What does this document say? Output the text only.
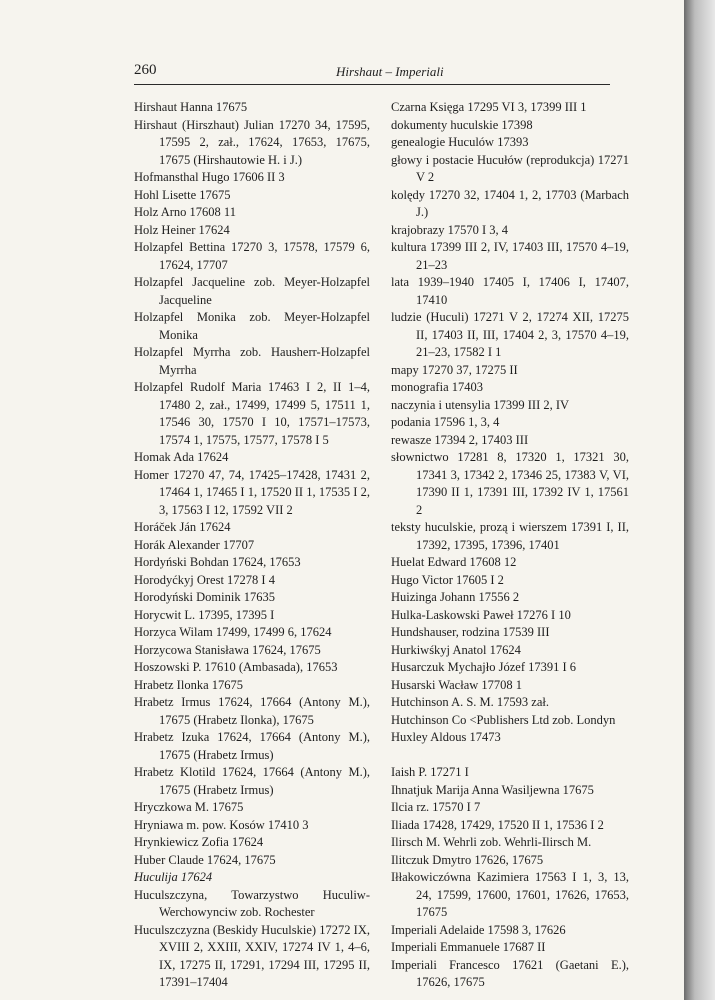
260	Hirshaut – Imperiali
Hirshaut Hanna 17675
Hirshaut (Hirszhaut) Julian 17270 34, 17595, 17595 2, zał., 17624, 17653, 17675, 17675 (Hirshautowie H. i J.)
Hofmansthal Hugo 17606 II 3
Hohl Lisette 17675
Holz Arno 17608 11
Holz Heiner 17624
Holzapfel Bettina 17270 3, 17578, 17579 6, 17624, 17707
Holzapfel Jacqueline zob. Meyer-Holzapfel Jacqueline
Holzapfel Monika zob. Meyer-Holzapfel Monika
Holzapfel Myrrha zob. Hausherr-Holzapfel Myrrha
Holzapfel Rudolf Maria 17463 I 2, II 1–4, 17480 2, zał., 17499, 17499 5, 17511 1, 17546 30, 17570 I 10, 17571–17573, 17574 1, 17575, 17577, 17578 I 5
Homak Ada 17624
Homer 17270 47, 74, 17425–17428, 17431 2, 17464 1, 17465 I 1, 17520 II 1, 17535 I 2, 3, 17563 I 12, 17592 VII 2
Horáček Ján 17624
Horák Alexander 17707
Hordyński Bohdan 17624, 17653
Horodyćkyj Orest 17278 I 4
Horodyński Dominik 17635
Horycwit L. 17395, 17395 I
Horzyca Wilam 17499, 17499 6, 17624
Horzycowa Stanisława 17624, 17675
Hoszowski P. 17610 (Ambasada), 17653
Hrabetz Ilonka 17675
Hrabetz Irmus 17624, 17664 (Antony M.), 17675 (Hrabetz Ilonka), 17675
Hrabetz Izuka 17624, 17664 (Antony M.), 17675 (Hrabetz Irmus)
Hrabetz Klotild 17624, 17664 (Antony M.), 17675 (Hrabetz Irmus)
Hryczkowa M. 17675
Hryniawa m. pow. Kosów 17410 3
Hrynkiewicz Zofia 17624
Huber Claude 17624, 17675
Huculija 17624
Huculszczyna, Towarzystwo Huculiw-Werchowynciw zob. Rochester
Huculszczyzna (Beskidy Huculskie) 17272 IX, XVIII 2, XXIII, XXIV, 17274 IV 1, 4–6, IX, 17275 II, 17291, 17294 III, 17295 II, 17391–17404
Czarna Księga 17295 VI 3, 17399 III 1
dokumenty huculskie 17398
genealogie Huculów 17393
głowy i postacie Hucułów (reprodukcja) 17271 V 2
kolędy 17270 32, 17404 1, 2, 17703 (Marbach J.)
krajobrazy 17570 I 3, 4
kultura 17399 III 2, IV, 17403 III, 17570 4–19, 21–23
lata 1939–1940 17405 I, 17406 I, 17407, 17410
ludzie (Huculi) 17271 V 2, 17274 XII, 17275 II, 17403 II, III, 17404 2, 3, 17570 4–19, 21–23, 17582 I 1
mapy 17270 37, 17275 II
monografia 17403
naczynia i utensylia 17399 III 2, IV
podania 17596 1, 3, 4
rewasze 17394 2, 17403 III
słownictwo 17281 8, 17320 1, 17321 30, 17341 3, 17342 2, 17346 25, 17383 V, VI, 17390 II 1, 17391 III, 17392 IV 1, 17561 2
teksty huculskie, prozą i wierszem 17391 I, II, 17392, 17395, 17396, 17401
Huelat Edward 17608 12
Hugo Victor 17605 I 2
Huizinga Johann 17556 2
Hulka-Laskowski Paweł 17276 I 10
Hundshauser, rodzina 17539 III
Hurkiwśkyj Anatol 17624
Husarczuk Mychajło Józef 17391 I 6
Husarski Wacław 17708 1
Hutchinson A. S. M. 17593 zał.
Hutchinson Co <Publishers Ltd zob. Londyn
Huxley Aldous 17473
Iaish P. 17271 I
Ihnatjuk Marija Anna Wasiljewna 17675
Ilcia rz. 17570 I 7
Iliada 17428, 17429, 17520 II 1, 17536 I 2
Ilirsch M. Wehrli zob. Wehrli-Ilirsch M.
Ilitczuk Dmytro 17626, 17675
Iłłakowiczówna Kazimiera 17563 I 1, 3, 13, 24, 17599, 17600, 17601, 17626, 17653, 17675
Imperiali Adelaide 17598 3, 17626
Imperiali Emmanuele 17687 II
Imperiali Francesco 17621 (Gaetani E.), 17626, 17675
